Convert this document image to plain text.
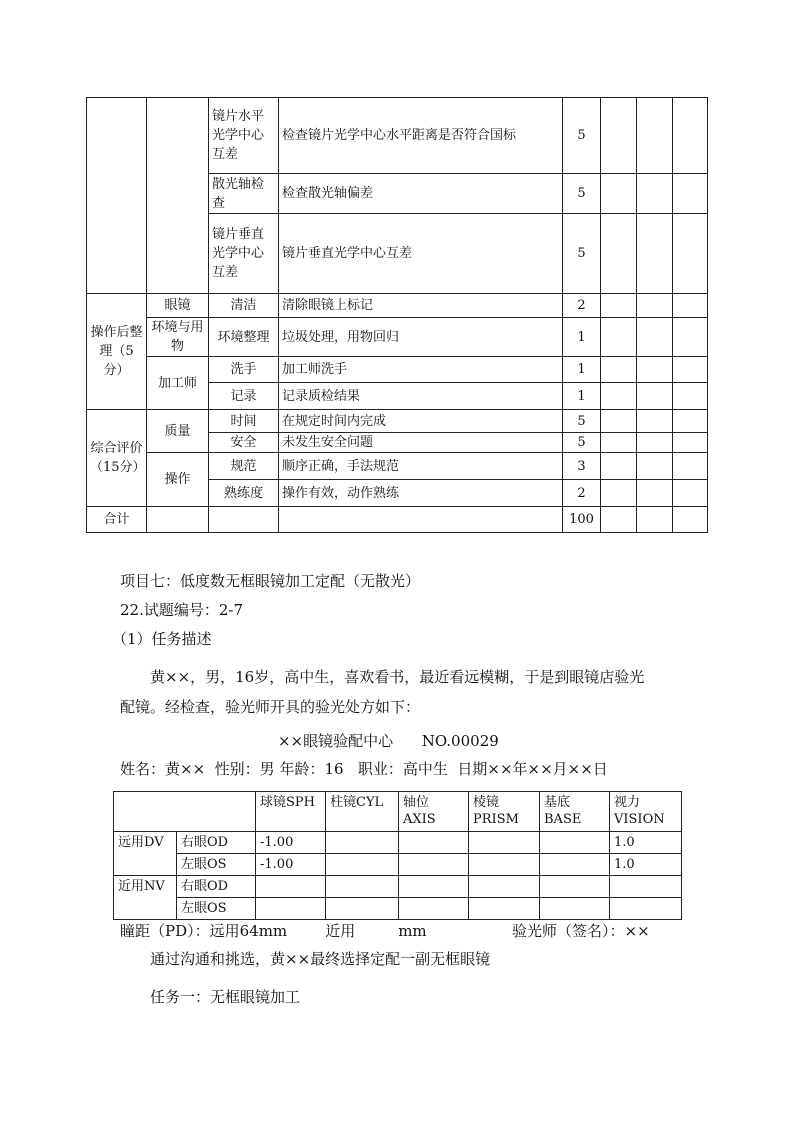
		镜片水平光学中心互差	检查镜片光学中心水平距离是否符合国标	5			
		散光轴检查	检查散光轴偏差	5			
		镜片垂直光学中心互差	镜片垂直光学中心互差	5			
操作后整理（5分）	眼镜	清洁	清除眼镜上标记	2			
	环境与用物	环境整理	垃圾处理，用物回归	1			
	加工师	洗手	加工师洗手	1			
		记录	记录质检结果	1			
综合评价（15分）	质量	时间	在规定时间内完成	5			
		安全	未发生安全问题	5			
	操作	规范	顺序正确，手法规范	3			
		熟练度	操作有效，动作熟练	2			
合计				100			
项目七：低度数无框眼镜加工定配（无散光）
22.试题编号：2-7
（1）任务描述
黄××，男，16岁，高中生，喜欢看书，最近看远模糊，于是到眼镜店验光
配镜。经检查，验光师开具的验光处方如下：
××眼镜验配中心      NO.00029
姓名：黄××  性别：男 年龄：16   职业：高中生  日期××年××月××日
		球镜SPH	柱镜CYL	轴位 AXIS	棱镜 PRISM	基底 BASE	视力 VISION
远用DV	右眼OD	-1.00					1.0
	左眼OS	-1.00					1.0
近用NV	右眼OD						
	左眼OS						
瞳距（PD）：远用64mm        近用         mm	验光师（签名）：××
通过沟通和挑选，黄××最终选择定配一副无框眼镜
任务一：无框眼镜加工
